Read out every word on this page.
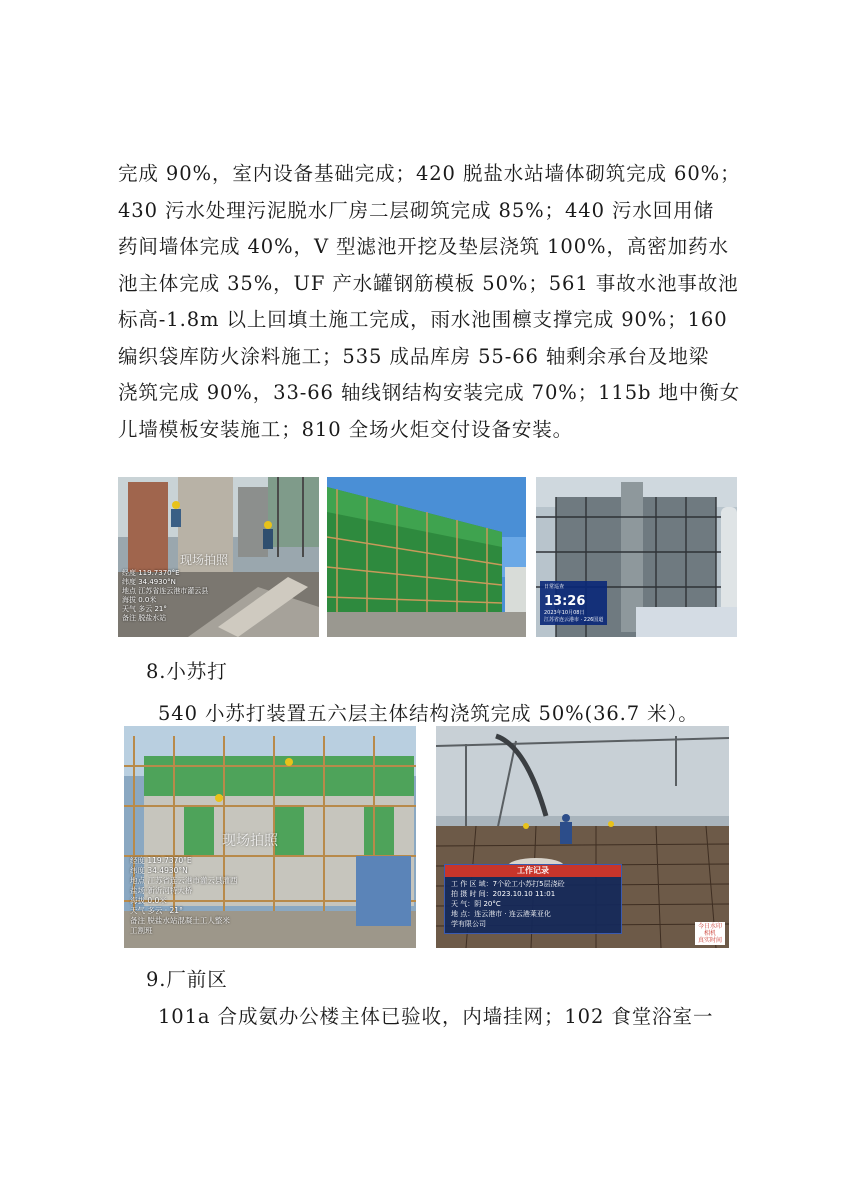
完成 90%，室内设备基础完成；420 脱盐水站墙体砌筑完成 60%；
430 污水处理污泥脱水厂房二层砌筑完成 85%；440 污水回用储
药间墙体完成 40%，V 型滤池开挖及垫层浇筑 100%，高密加药水
池主体完成 35%，UF 产水罐钢筋模板 50%；561 事故水池事故池
标高-1.8m 以上回填土施工完成，雨水池围檩支撑完成 90%；160
编织袋库防火涂料施工；535 成品库房 55-66 轴剩余承台及地梁
浇筑完成 90%，33-66 轴线钢结构安装完成 70%；115b 地中衡女
儿墙模板安装施工；810 全场火炬交付设备安装。
现场拍照
经度 119.7370°E
纬度 34.4930°N
地点 江苏省连云港市灌云县
海拔 0.0米
天气 多云 21°
备注 脱盐水站
日常巡查
13:26
2023年10月08日
江苏省连云港市 · 226国道
8.小苏打
540 小苏打装置五六层主体结构浇筑完成 50%(36.7 米）。
现场拍照
经度 119.7370°E
纬度 34.4930°N
地点 江苏省连云港市灌云县灌西
盐场·新沂河特大桥
海拔 0.0米
天气 多云 · 21°
备注 脱盐水站混凝土工人整米
工割班
工作记录
工 作 区 域：7个砼工小苏打5层浇砼
拍 摄 时 间：2023.10.10 11:01
天 气：阴 20°C
地 点：连云港市 · 连云港莱亚化
学有限公司	今日水印
相机
真实时间
9.厂前区
101a 合成氨办公楼主体已验收，内墙挂网；102 食堂浴室一
